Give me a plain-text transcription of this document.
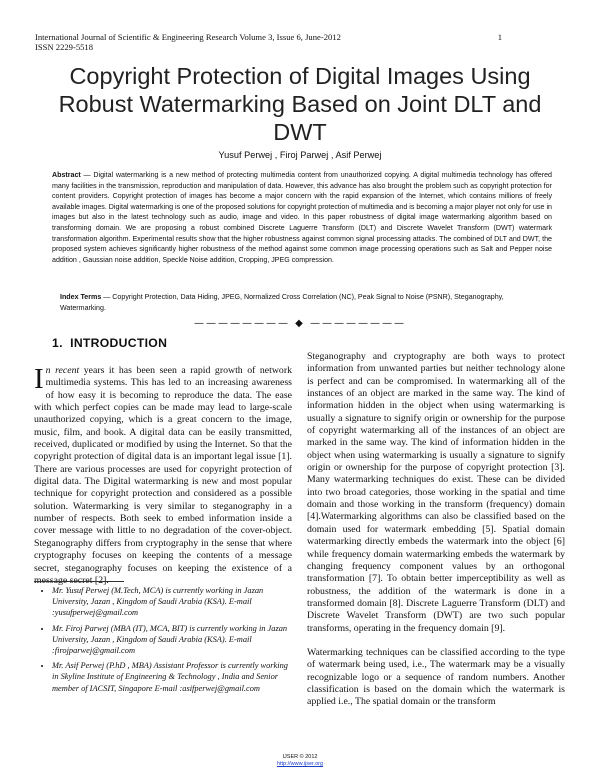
International Journal of Scientific & Engineering Research Volume 3, Issue 6, June-2012
ISSN 2229-5518
1
Copyright Protection of Digital Images Using Robust Watermarking Based on Joint DLT and DWT
Yusuf Perwej , Firoj Parwej , Asif Perwej
Abstract — Digital watermarking is a new method of protecting multimedia content from unauthorized copying. A digital multimedia technology has offered many facilities in the transmission, reproduction and manipulation of data. However, this advance has also brought the problem such as copyright protection for content providers. Copyright protection of images has become a major concern with the rapid expansion of the Internet, which contains millions of freely available images. Digital watermarking is one of the proposed solutions for copyright protection of multimedia and is becoming a major player not only for use in images but also in the latest technology such as audio, image and video. In this paper robustness of digital image watermarking algorithm based on transforming domain. We are proposing a robust combined Discrete Laguerre Transform (DLT) and Discrete Wavelet Transform (DWT) watermark transformation algorithm. Experimental results show that the higher robustness against common signal processing attacks. The combined of DLT and DWT, the proposed system achieves significantly higher robustness of the method against some common image processing operations such as Salt and Pepper noise addition , Gaussian noise addition, Speckle Noise addition, Cropping, JPEG compression.
Index Terms — Copyright Protection, Data Hiding, JPEG, Normalized Cross Correlation (NC), Peak Signal to Noise (PSNR), Steganography, Watermarking.
———————— ◆ ————————
1. INTRODUCTION
In recent years it has been seen a rapid growth of network multimedia systems. This has led to an increasing awareness of how easy it is becoming to reproduce the data. The ease with which perfect copies can be made may lead to large-scale unauthorized copying, which is a great concern to the image, music, film, and book. A digital data can be easily transmitted, received, duplicated or modified by using the Internet. So that the copyright protection of digital data is an important legal issue [1]. There are various processes are used for copyright protection of digital data. The Digital watermarking is new and most popular technique for copyright protection and considered as a possible solution. Watermarking is very similar to steganography in a number of respects. Both seek to embed information inside a cover message with little to no degradation of the cover-object. Steganography differs from cryptography in the sense that where cryptography focuses on keeping the contents of a message secret, steganography focuses on keeping the existence of a message secret [2].

Steganography and cryptography are both ways to protect information from unwanted parties but neither technology alone is perfect and can be compromised. In watermarking all of the instances of an object are marked in the same way. The kind of information hidden in the object when using watermarking is usually a signature to signify origin or ownership for the purpose of copyright watermarking all of the instances of an object are marked in the same way. The kind of information hidden in the object when using watermarking is usually a signature to signify origin or ownership for the purpose of copyright protection [3]. Many watermarking techniques do exist. These can be divided into two broad categories, those working in the spatial and time domain and those working in the transform (frequency) domain [4].Watermarking algorithms can also be classified based on the domain used for watermark embedding [5]. Spatial domain watermarking directly embeds the watermark into the object [6] while frequency domain watermarking embeds the watermark by changing frequency component values by an orthogonal transformation [7]. To obtain better imperceptibility as well as robustness, the addition of the watermark is done in a transformed domain [8]. Discrete Laguerre Transform (DLT) and Discrete Wavelet Transform (DWT) are two such popular transforms, operating in the frequency domain [9].

Watermarking techniques can be classified according to the type of watermark being used, i.e., The watermark may be a visually recognizable logo or a sequence of random numbers. Another classification is based on the domain which the watermark is applied i.e., The spatial domain or the transform

• Mr. Yusuf Perwej (M.Tech, MCA) is currently working in Jazan University, Jazan , Kingdom of Saudi Arabia (KSA). E-mail :yusufperwej@gmail.com
• Mr. Firoj Parwej (MBA (IT), MCA, BIT) is currently working in Jazan University, Jazan , Kingdom of Saudi Arabia (KSA). E-mail :firojparwej@gmail.com
• Mr. Asif Perwej (P.hD , MBA) Assistant Professor is currently working in Skyline Institute of Engineering & Technology , India and Senior member of IACSIT, Singapore E-mail :asifperwej@gmail.com
IJSER © 2012
http://www.ijser.org
